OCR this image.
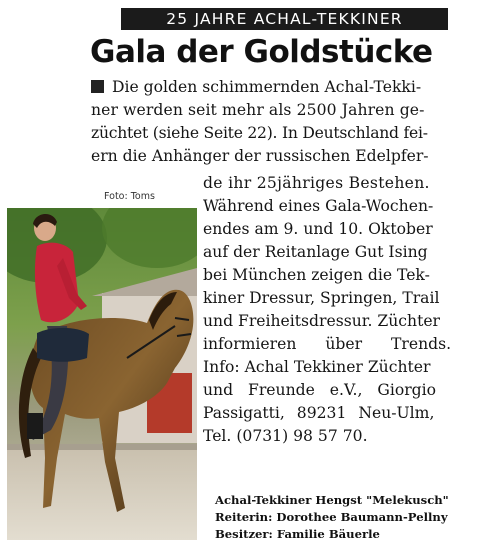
25 JAHRE ACHAL-TEKKINER
Gala der Goldstücke
Die golden schimmernden Achal-Tekki-
ner werden seit mehr als 2500 Jahren ge-
züchtet (siehe Seite 22). In Deutschland fei-
ern die Anhänger der russischen Edelpfer-
de ihr 25jähriges Bestehen.
Während eines Gala-Wochen-
endes am 9. und 10. Oktober
auf der Reitanlage Gut Ising
bei München zeigen die Tek-
kiner Dressur, Springen, Trail
und Freiheitsdressur. Züchter
informieren über Trends.
Info: Achal Tekkiner Züchter
und Freunde e.V., Giorgio
Passigatti, 89231 Neu-Ulm,
Tel. (0731) 98 57 70.
Foto: Toms
Achal-Tekkiner Hengst "Melekusch"
Reiterin: Dorothee Baumann-Pellny
Besitzer: Familie Bäuerle
